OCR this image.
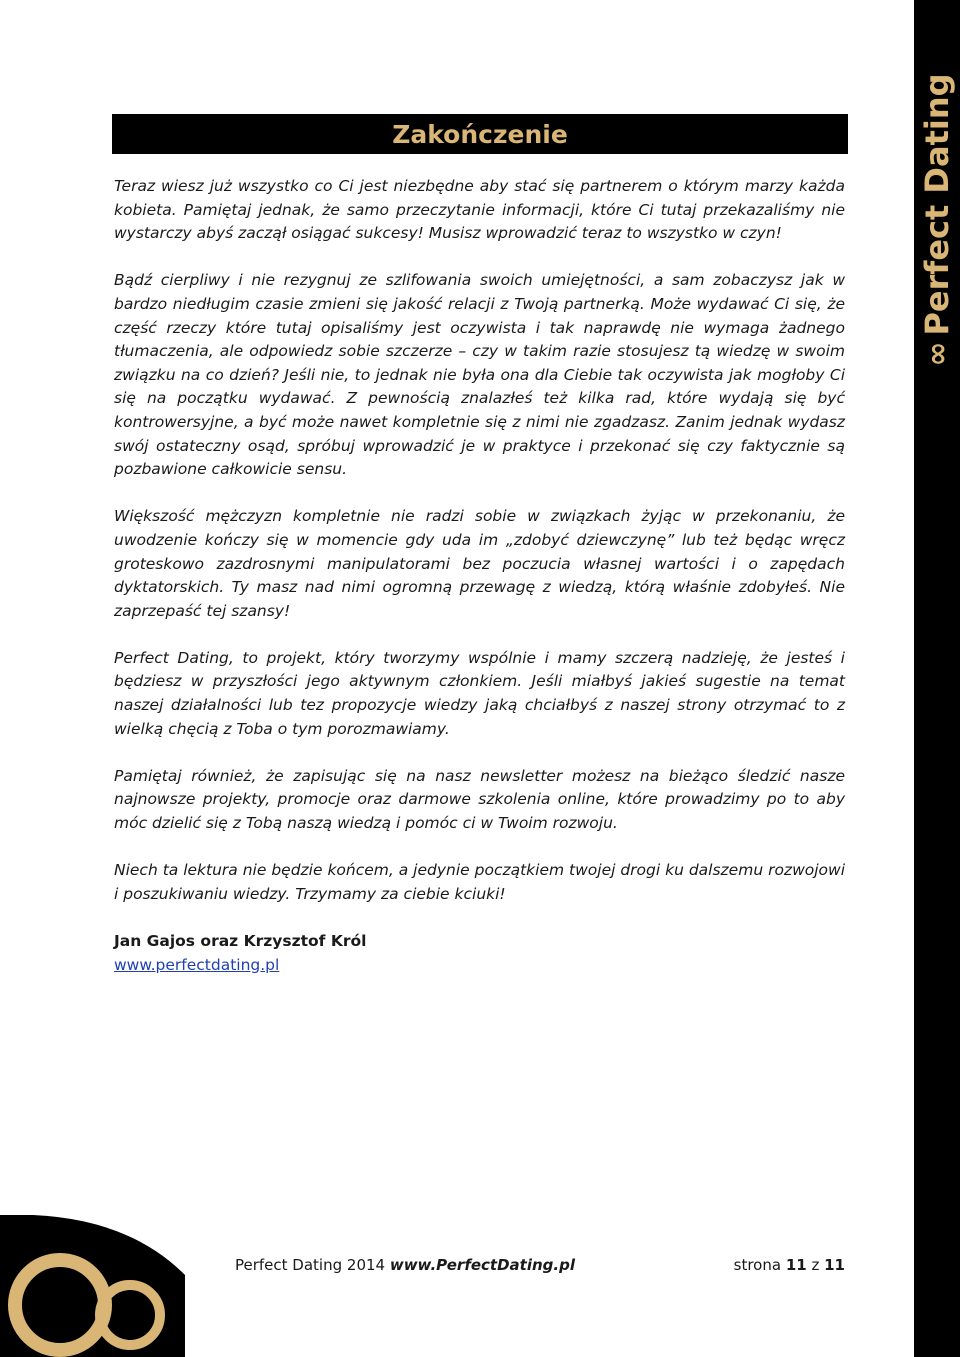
∞
Perfect Dating
Zakończenie

Teraz wiesz już wszystko co Ci jest niezbędne aby stać się partnerem o którym marzy każda kobieta. Pamiętaj jednak, że samo przeczytanie informacji, które Ci tutaj przekazaliśmy nie wystarczy abyś zaczął osiągać sukcesy! Musisz wprowadzić teraz to wszystko w czyn!

Bądź cierpliwy i nie rezygnuj ze szlifowania swoich umiejętności, a sam zobaczysz jak w bardzo niedługim czasie zmieni się jakość relacji z Twoją partnerką. Może wydawać Ci się, że część rzeczy które tutaj opisaliśmy jest oczywista i tak naprawdę nie wymaga żadnego tłumaczenia, ale odpowiedz sobie szczerze – czy w takim razie stosujesz tą wiedzę w swoim związku na co dzień? Jeśli nie, to jednak nie była ona dla Ciebie tak oczywista jak mogłoby Ci się na początku wydawać. Z pewnością znalazłeś też kilka rad, które wydają się być kontrowersyjne, a być może nawet kompletnie się z nimi nie zgadzasz. Zanim jednak wydasz swój ostateczny osąd, spróbuj wprowadzić je w praktyce i przekonać się czy faktycznie są pozbawione całkowicie sensu.

Większość mężczyzn kompletnie nie radzi sobie w związkach żyjąc w przekonaniu, że uwodzenie kończy się w momencie gdy uda im „zdobyć dziewczynę” lub też będąc wręcz groteskowo zazdrosnymi manipulatorami bez poczucia własnej wartości i o zapędach dyktatorskich. Ty masz nad nimi ogromną przewagę z wiedzą, którą właśnie zdobyłeś. Nie zaprzepaść tej szansy!

Perfect Dating, to projekt, który tworzymy wspólnie i mamy szczerą nadzieję, że jesteś i będziesz w przyszłości jego aktywnym członkiem. Jeśli miałbyś jakieś sugestie na temat naszej działalności lub tez propozycje wiedzy jaką chciałbyś z naszej strony otrzymać to z wielką chęcią z Toba o tym porozmawiamy.

Pamiętaj również, że zapisując się na nasz newsletter możesz na bieżąco śledzić nasze najnowsze projekty, promocje oraz darmowe szkolenia online, które prowadzimy po to aby móc dzielić się z Tobą naszą wiedzą i pomóc ci w Twoim rozwoju.

Niech ta lektura nie będzie końcem, a jedynie początkiem twojej drogi ku dalszemu rozwojowi i poszukiwaniu wiedzy. Trzymamy za ciebie kciuki!

Jan Gajos oraz Krzysztof Król

www.perfectdating.pl
Perfect Dating 2014 www.PerfectDating.pl	strona 11 z 11
